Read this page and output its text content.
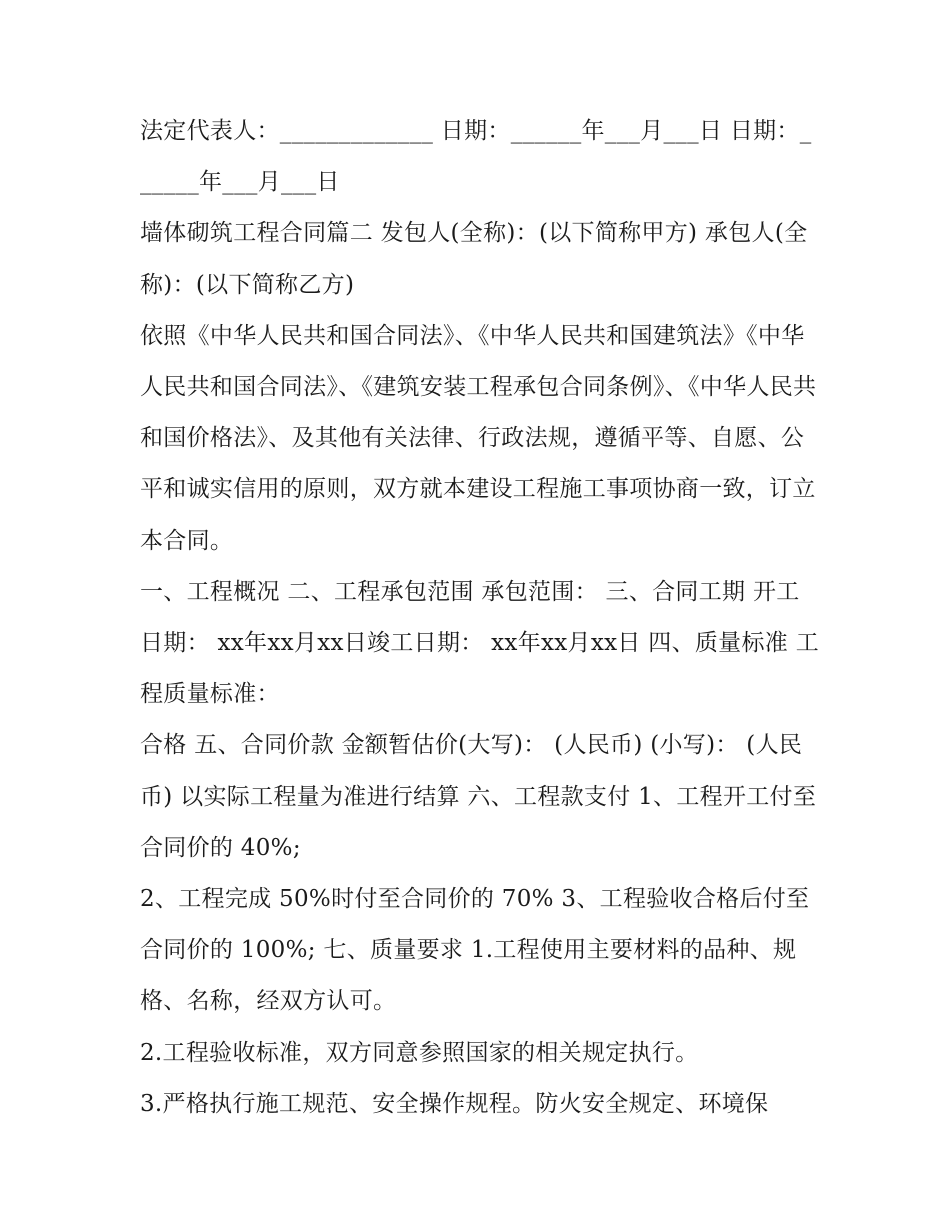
法定代表人：_____________ 日期：______年___月___日 日期：______年___月___日

墙体砌筑工程合同篇二 发包人(全称)：(以下简称甲方) 承包人(全称)：(以下简称乙方)

依照《中华人民共和国合同法》、《中华人民共和国建筑法》《中华人民共和国合同法》、《建筑安装工程承包合同条例》、《中华人民共和国价格法》、及其他有关法律、行政法规，遵循平等、自愿、公平和诚实信用的原则，双方就本建设工程施工事项协商一致，订立本合同。

一、工程概况 二、工程承包范围 承包范围： 三、合同工期 开工日期： xx年xx月xx日竣工日期： xx年xx月xx日 四、质量标准 工程质量标准：

合格 五、合同价款 金额暂估价(大写)： (人民币) (小写)： (人民币) 以实际工程量为准进行结算 六、工程款支付 1、工程开工付至合同价的 40%;

2、工程完成 50%时付至合同价的 70% 3、工程验收合格后付至合同价的 100%; 七、质量要求 1.工程使用主要材料的品种、规格、名称，经双方认可。

2.工程验收标准，双方同意参照国家的相关规定执行。

3.严格执行施工规范、安全操作规程。防火安全规定、环境保
